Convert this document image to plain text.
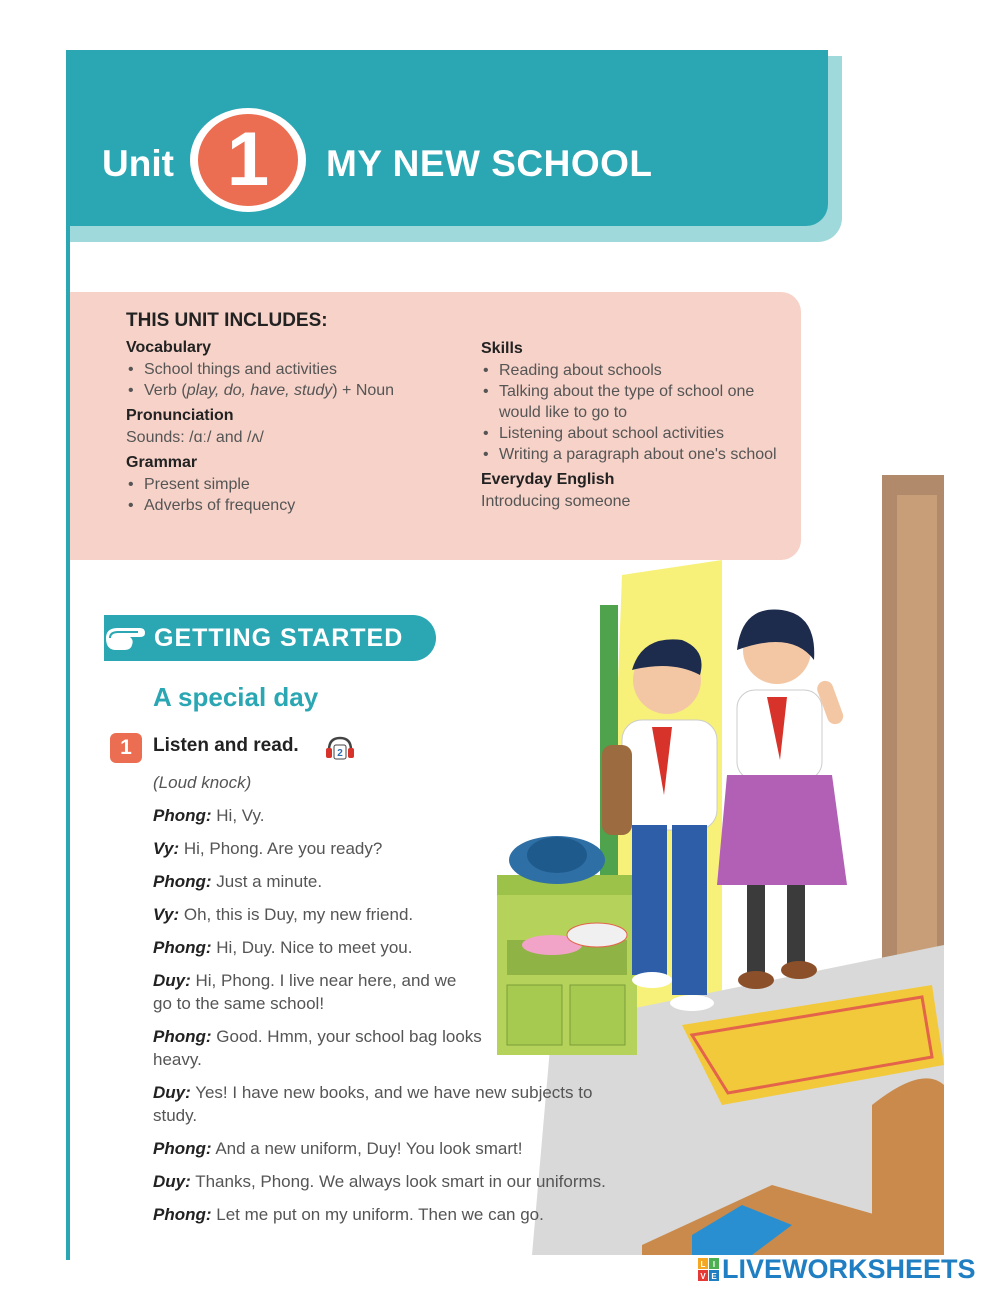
Unit 1	MY NEW SCHOOL
THIS UNIT INCLUDES:
Vocabulary
• School things and activities
• Verb (play, do, have, study) + Noun
Pronunciation
Sounds: /ɑː/ and /ʌ/
Grammar
• Present simple
• Adverbs of frequency
Skills
• Reading about schools
• Talking about the type of school one would like to go to
• Listening about school activities
• Writing a paragraph about one's school
Everyday English
Introducing someone
GETTING STARTED
A special day
1	Listen and read.	2
(Loud knock)
Phong: Hi, Vy.
Vy: Hi, Phong. Are you ready?
Phong: Just a minute.
Vy: Oh, this is Duy, my new friend.
Phong: Hi, Duy. Nice to meet you.
Duy: Hi, Phong. I live near here, and we go to the same school!
Phong: Good. Hmm, your school bag looks heavy.
Duy: Yes! I have new books, and we have new subjects to study.
Phong: And a new uniform, Duy! You look smart!
Duy: Thanks, Phong. We always look smart in our uniforms.
Phong: Let me put on my uniform. Then we can go.
L I
V E LIVEWORKSHEETS
